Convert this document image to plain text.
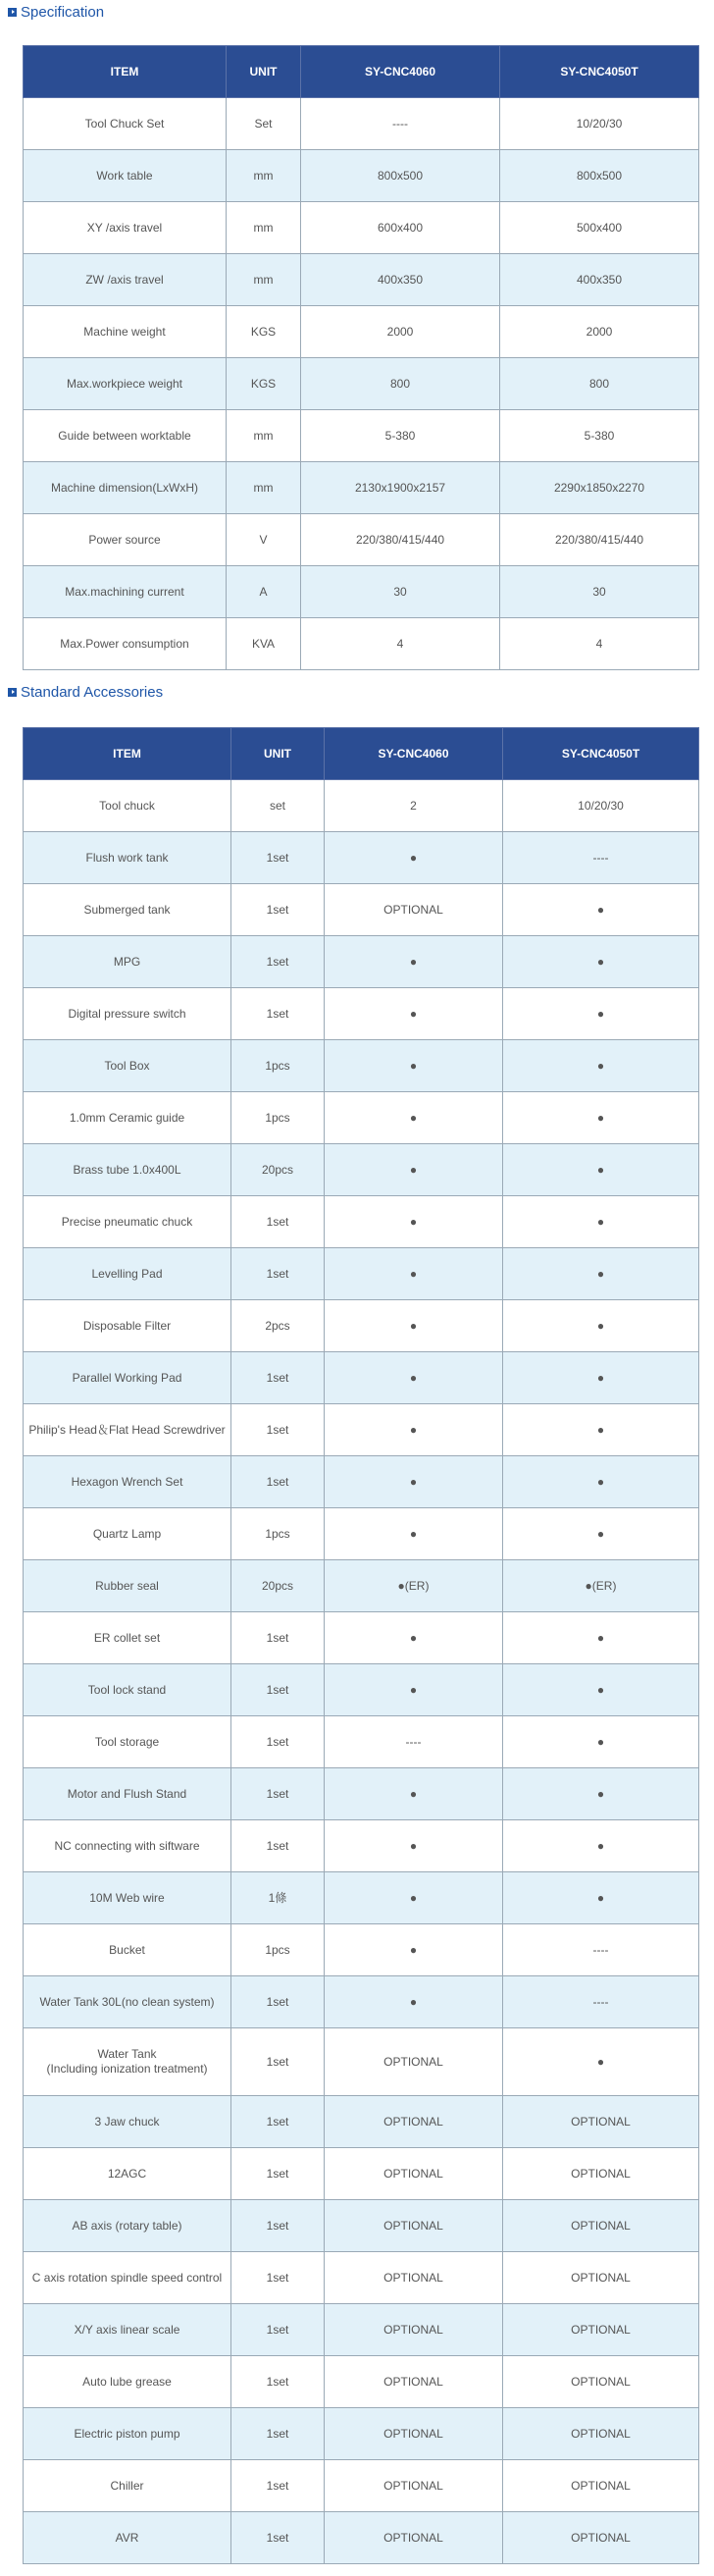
Specification
ITEM	UNIT	SY-CNC4060	SY-CNC4050T
Tool Chuck Set	Set	----	10/20/30
Work table	mm	800x500	800x500
XY /axis travel	mm	600x400	500x400
ZW /axis travel	mm	400x350	400x350
Machine weight	KGS	2000	2000
Max.workpiece weight	KGS	800	800
Guide between worktable	mm	5-380	5-380
Machine dimension(LxWxH)	mm	2130x1900x2157	2290x1850x2270
Power source	V	220/380/415/440	220/380/415/440
Max.machining current	A	30	30
Max.Power consumption	KVA	4	4
Standard Accessories
ITEM	UNIT	SY-CNC4060	SY-CNC4050T
Tool chuck	set	2	10/20/30
Flush work tank	1set	●	----
Submerged tank	1set	OPTIONAL	●
MPG	1set	●	●
Digital pressure switch	1set	●	●
Tool Box	1pcs	●	●
1.0mm Ceramic guide	1pcs	●	●
Brass tube 1.0x400L	20pcs	●	●
Precise pneumatic chuck	1set	●	●
Levelling Pad	1set	●	●
Disposable Filter	2pcs	●	●
Parallel Working Pad	1set	●	●
Philip's Head＆Flat Head Screwdriver	1set	●	●
Hexagon Wrench Set	1set	●	●
Quartz Lamp	1pcs	●	●
Rubber seal	20pcs	●(ER)	●(ER)
ER collet set	1set	●	●
Tool lock stand	1set	●	●
Tool storage	1set	----	●
Motor and Flush Stand	1set	●	●
NC connecting with siftware	1set	●	●
10M Web wire	1條	●	●
Bucket	1pcs	●	----
Water Tank 30L(no clean system)	1set	●	----
Water Tank
(Including ionization treatment)	1set	OPTIONAL	●
3 Jaw chuck	1set	OPTIONAL	OPTIONAL
12AGC	1set	OPTIONAL	OPTIONAL
AB axis (rotary table)	1set	OPTIONAL	OPTIONAL
C axis rotation spindle speed control	1set	OPTIONAL	OPTIONAL
X/Y axis linear scale	1set	OPTIONAL	OPTIONAL
Auto lube grease	1set	OPTIONAL	OPTIONAL
Electric piston pump	1set	OPTIONAL	OPTIONAL
Chiller	1set	OPTIONAL	OPTIONAL
AVR	1set	OPTIONAL	OPTIONAL
